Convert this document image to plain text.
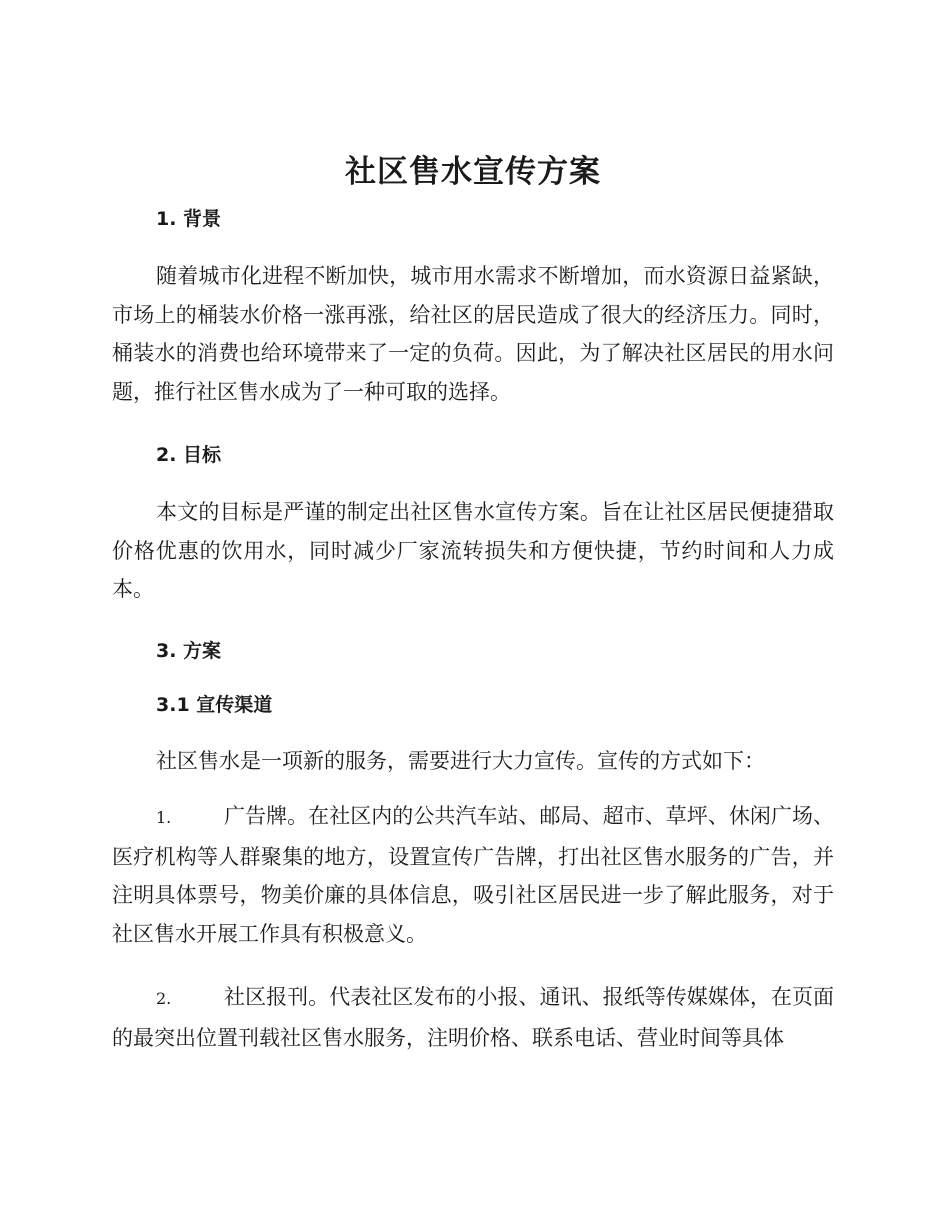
社区售水宣传方案
1. 背景

随着城市化进程不断加快，城市用水需求不断增加，而水资源日益紧缺，市场上的桶装水价格一涨再涨，给社区的居民造成了很大的经济压力。同时，桶装水的消费也给环境带来了一定的负荷。因此，为了解决社区居民的用水问题，推行社区售水成为了一种可取的选择。

2. 目标

本文的目标是严谨的制定出社区售水宣传方案。旨在让社区居民便捷猎取价格优惠的饮用水，同时减少厂家流转损失和方便快捷，节约时间和人力成本。

3. 方案
3.1 宣传渠道

社区售水是一项新的服务，需要进行大力宣传。宣传的方式如下：

1.	广告牌。在社区内的公共汽车站、邮局、超市、草坪、休闲广场、医疗机构等人群聚集的地方，设置宣传广告牌，打出社区售水服务的广告，并注明具体票号，物美价廉的具体信息，吸引社区居民进一步了解此服务，对于社区售水开展工作具有积极意义。

2.	社区报刊。代表社区发布的小报、通讯、报纸等传媒媒体，在页面的最突出位置刊载社区售水服务，注明价格、联系电话、营业时间等具体
